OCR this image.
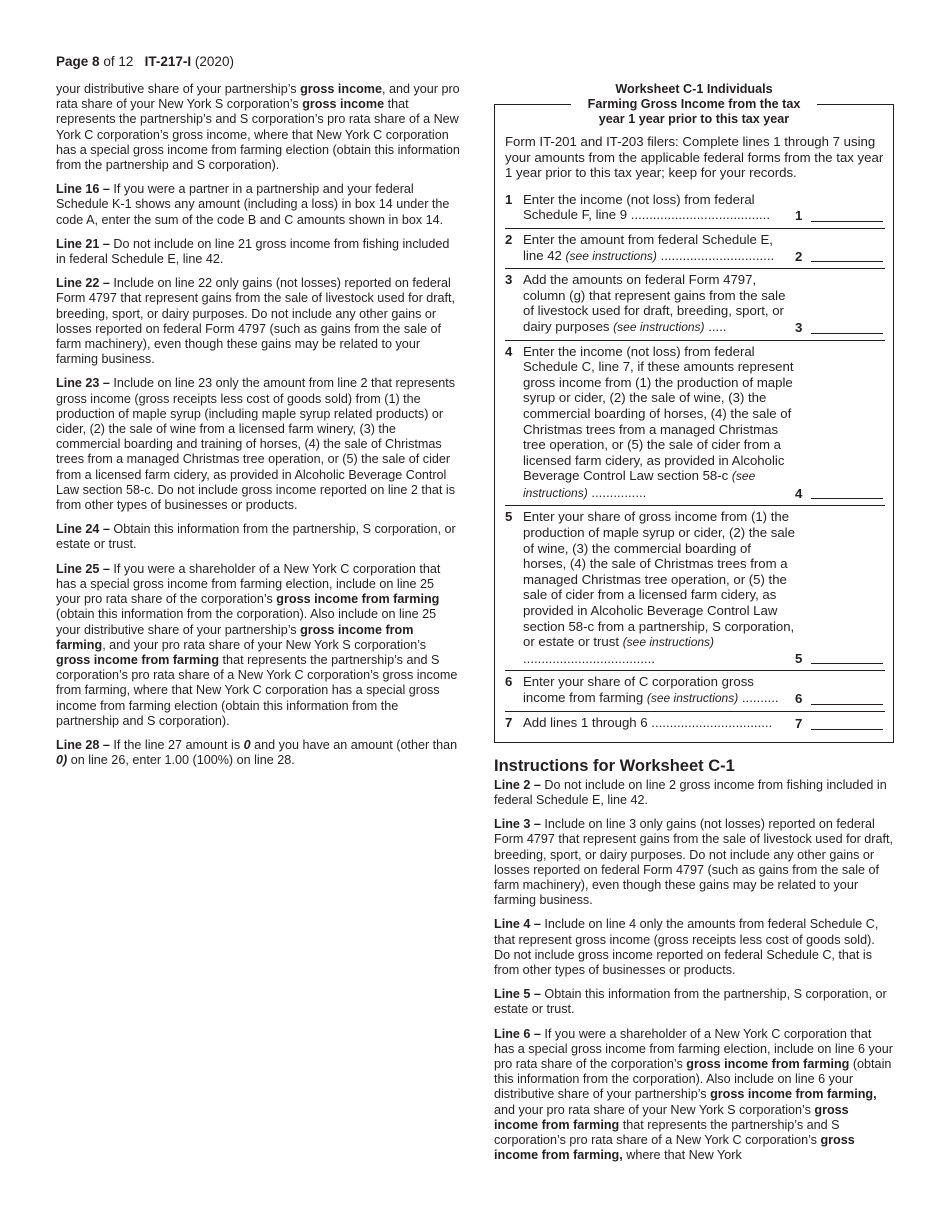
Page 8 of 12 IT-217-I (2020)

your distributive share of your partnership’s gross income, and your pro rata share of your New York S corporation’s gross income that represents the partnership’s and S corporation’s pro rata share of a New York C corporation’s gross income, where that New York C corporation has a special gross income from farming election (obtain this information from the partnership and S corporation).

Line 16 – If you were a partner in a partnership and your federal Schedule K-1 shows any amount (including a loss) in box 14 under the code A, enter the sum of the code B and C amounts shown in box 14.

Line 21 – Do not include on line 21 gross income from fishing included in federal Schedule E, line 42.

Line 22 – Include on line 22 only gains (not losses) reported on federal Form 4797 that represent gains from the sale of livestock used for draft, breeding, sport, or dairy purposes. Do not include any other gains or losses reported on federal Form 4797 (such as gains from the sale of farm machinery), even though these gains may be related to your farming business.

Line 23 – Include on line 23 only the amount from line 2 that represents gross income (gross receipts less cost of goods sold) from (1) the production of maple syrup (including maple syrup related products) or cider, (2) the sale of wine from a licensed farm winery, (3) the commercial boarding and training of horses, (4) the sale of Christmas trees from a managed Christmas tree operation, or (5) the sale of cider from a licensed farm cidery, as provided in Alcoholic Beverage Control Law section 58-c. Do not include gross income reported on line 2 that is from other types of businesses or products.

Line 24 – Obtain this information from the partnership, S corporation, or estate or trust.

Line 25 – If you were a shareholder of a New York C corporation that has a special gross income from farming election, include on line 25 your pro rata share of the corporation’s gross income from farming (obtain this information from the corporation). Also include on line 25 your distributive share of your partnership’s gross income from farming, and your pro rata share of your New York S corporation’s gross income from farming that represents the partnership’s and S corporation’s pro rata share of a New York C corporation’s gross income from farming, where that New York C corporation has a special gross income from farming election (obtain this information from the partnership and S corporation).

Line 28 – If the line 27 amount is 0 and you have an amount (other than 0) on line 26, enter 1.00 (100%) on line 28.

Worksheet C-1 Individuals
Farming Gross Income from the tax
year 1 year prior to this tax year
Form IT-201 and IT-203 filers: Complete lines 1 through 7 using your amounts from the applicable federal forms from the tax year 1 year prior to this tax year; keep for your records.
1 Enter the income (not loss) from federal Schedule F, line 9 ......................................	1
2 Enter the amount from federal Schedule E, line 42 (see instructions) ...............................	2
3 Add the amounts on federal Form 4797, column (g) that represent gains from the sale of livestock used for draft, breeding, sport, or dairy purposes (see instructions) .....	3
4 Enter the income (not loss) from federal Schedule C, line 7, if these amounts represent gross income from (1) the production of maple syrup or cider, (2) the sale of wine, (3) the commercial boarding of horses, (4) the sale of Christmas trees from a managed Christmas tree operation, or (5) the sale of cider from a licensed farm cidery, as provided in Alcoholic Beverage Control Law section 58-c (see instructions) ...............	4
5 Enter your share of gross income from (1) the production of maple syrup or cider, (2) the sale of wine, (3) the commercial boarding of horses, (4) the sale of Christmas trees from a managed Christmas tree operation, or (5) the sale of cider from a licensed farm cidery, as provided in Alcoholic Beverage Control Law section 58-c from a partnership, S corporation, or estate or trust (see instructions) ....................................	5
6 Enter your share of C corporation gross income from farming (see instructions) ..........	6
7 Add lines 1 through 6 .................................	7
Instructions for Worksheet C-1

Line 2 – Do not include on line 2 gross income from fishing included in federal Schedule E, line 42.

Line 3 – Include on line 3 only gains (not losses) reported on federal Form 4797 that represent gains from the sale of livestock used for draft, breeding, sport, or dairy purposes. Do not include any other gains or losses reported on federal Form 4797 (such as gains from the sale of farm machinery), even though these gains may be related to your farming business.

Line 4 – Include on line 4 only the amounts from federal Schedule C, that represent gross income (gross receipts less cost of goods sold). Do not include gross income reported on federal Schedule C, that is from other types of businesses or products.

Line 5 – Obtain this information from the partnership, S corporation, or estate or trust.

Line 6 – If you were a shareholder of a New York C corporation that has a special gross income from farming election, include on line 6 your pro rata share of the corporation’s gross income from farming (obtain this information from the corporation). Also include on line 6 your distributive share of your partnership’s gross income from farming, and your pro rata share of your New York S corporation’s gross income from farming that represents the partnership’s and S corporation’s pro rata share of a New York C corporation’s gross income from farming, where that New York
